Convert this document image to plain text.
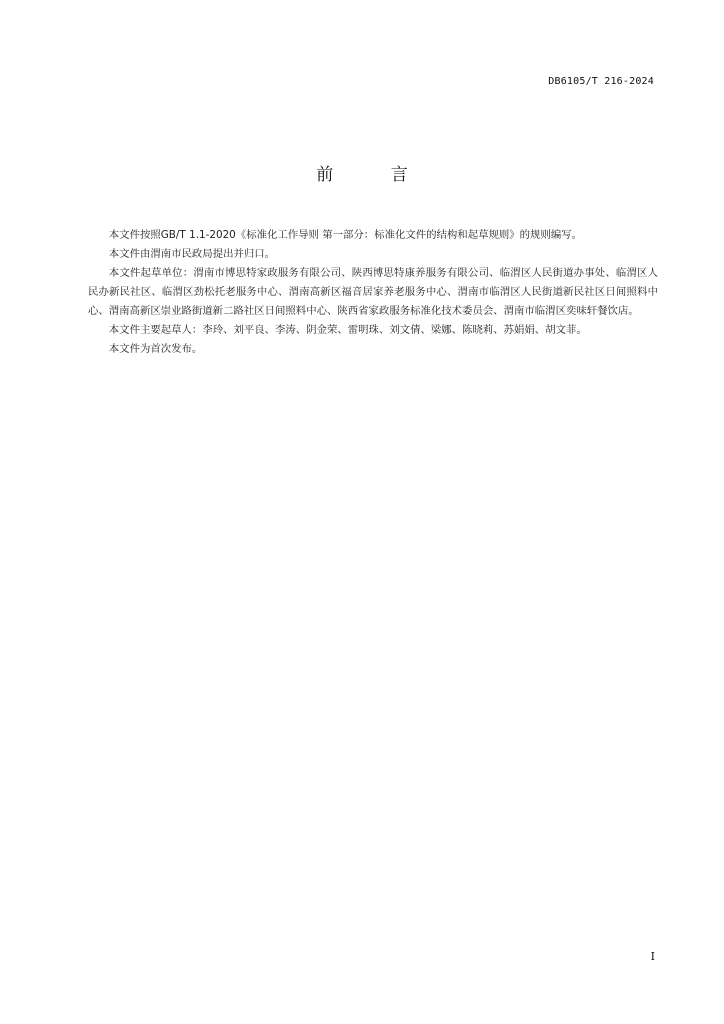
DB6105/T 216-2024
前 言

本文件按照GB/T 1.1-2020《标准化工作导则 第一部分：标准化文件的结构和起草规则》的规则编写。

本文件由渭南市民政局提出并归口。

本文件起草单位：渭南市博思特家政服务有限公司、陕西博思特康养服务有限公司、临渭区人民街道办事处、临渭区人民办新民社区、临渭区劲松托老服务中心、渭南高新区福音居家养老服务中心、渭南市临渭区人民街道新民社区日间照料中心、渭南高新区崇业路街道新二路社区日间照料中心、陕西省家政服务标准化技术委员会、渭南市临渭区奕味轩餐饮店。

本文件主要起草人：李玲、刘平良、李涛、阴金荣、雷明珠、刘文倩、梁娜、陈晓莉、苏娟娟、胡文菲。

本文件为首次发布。

I
